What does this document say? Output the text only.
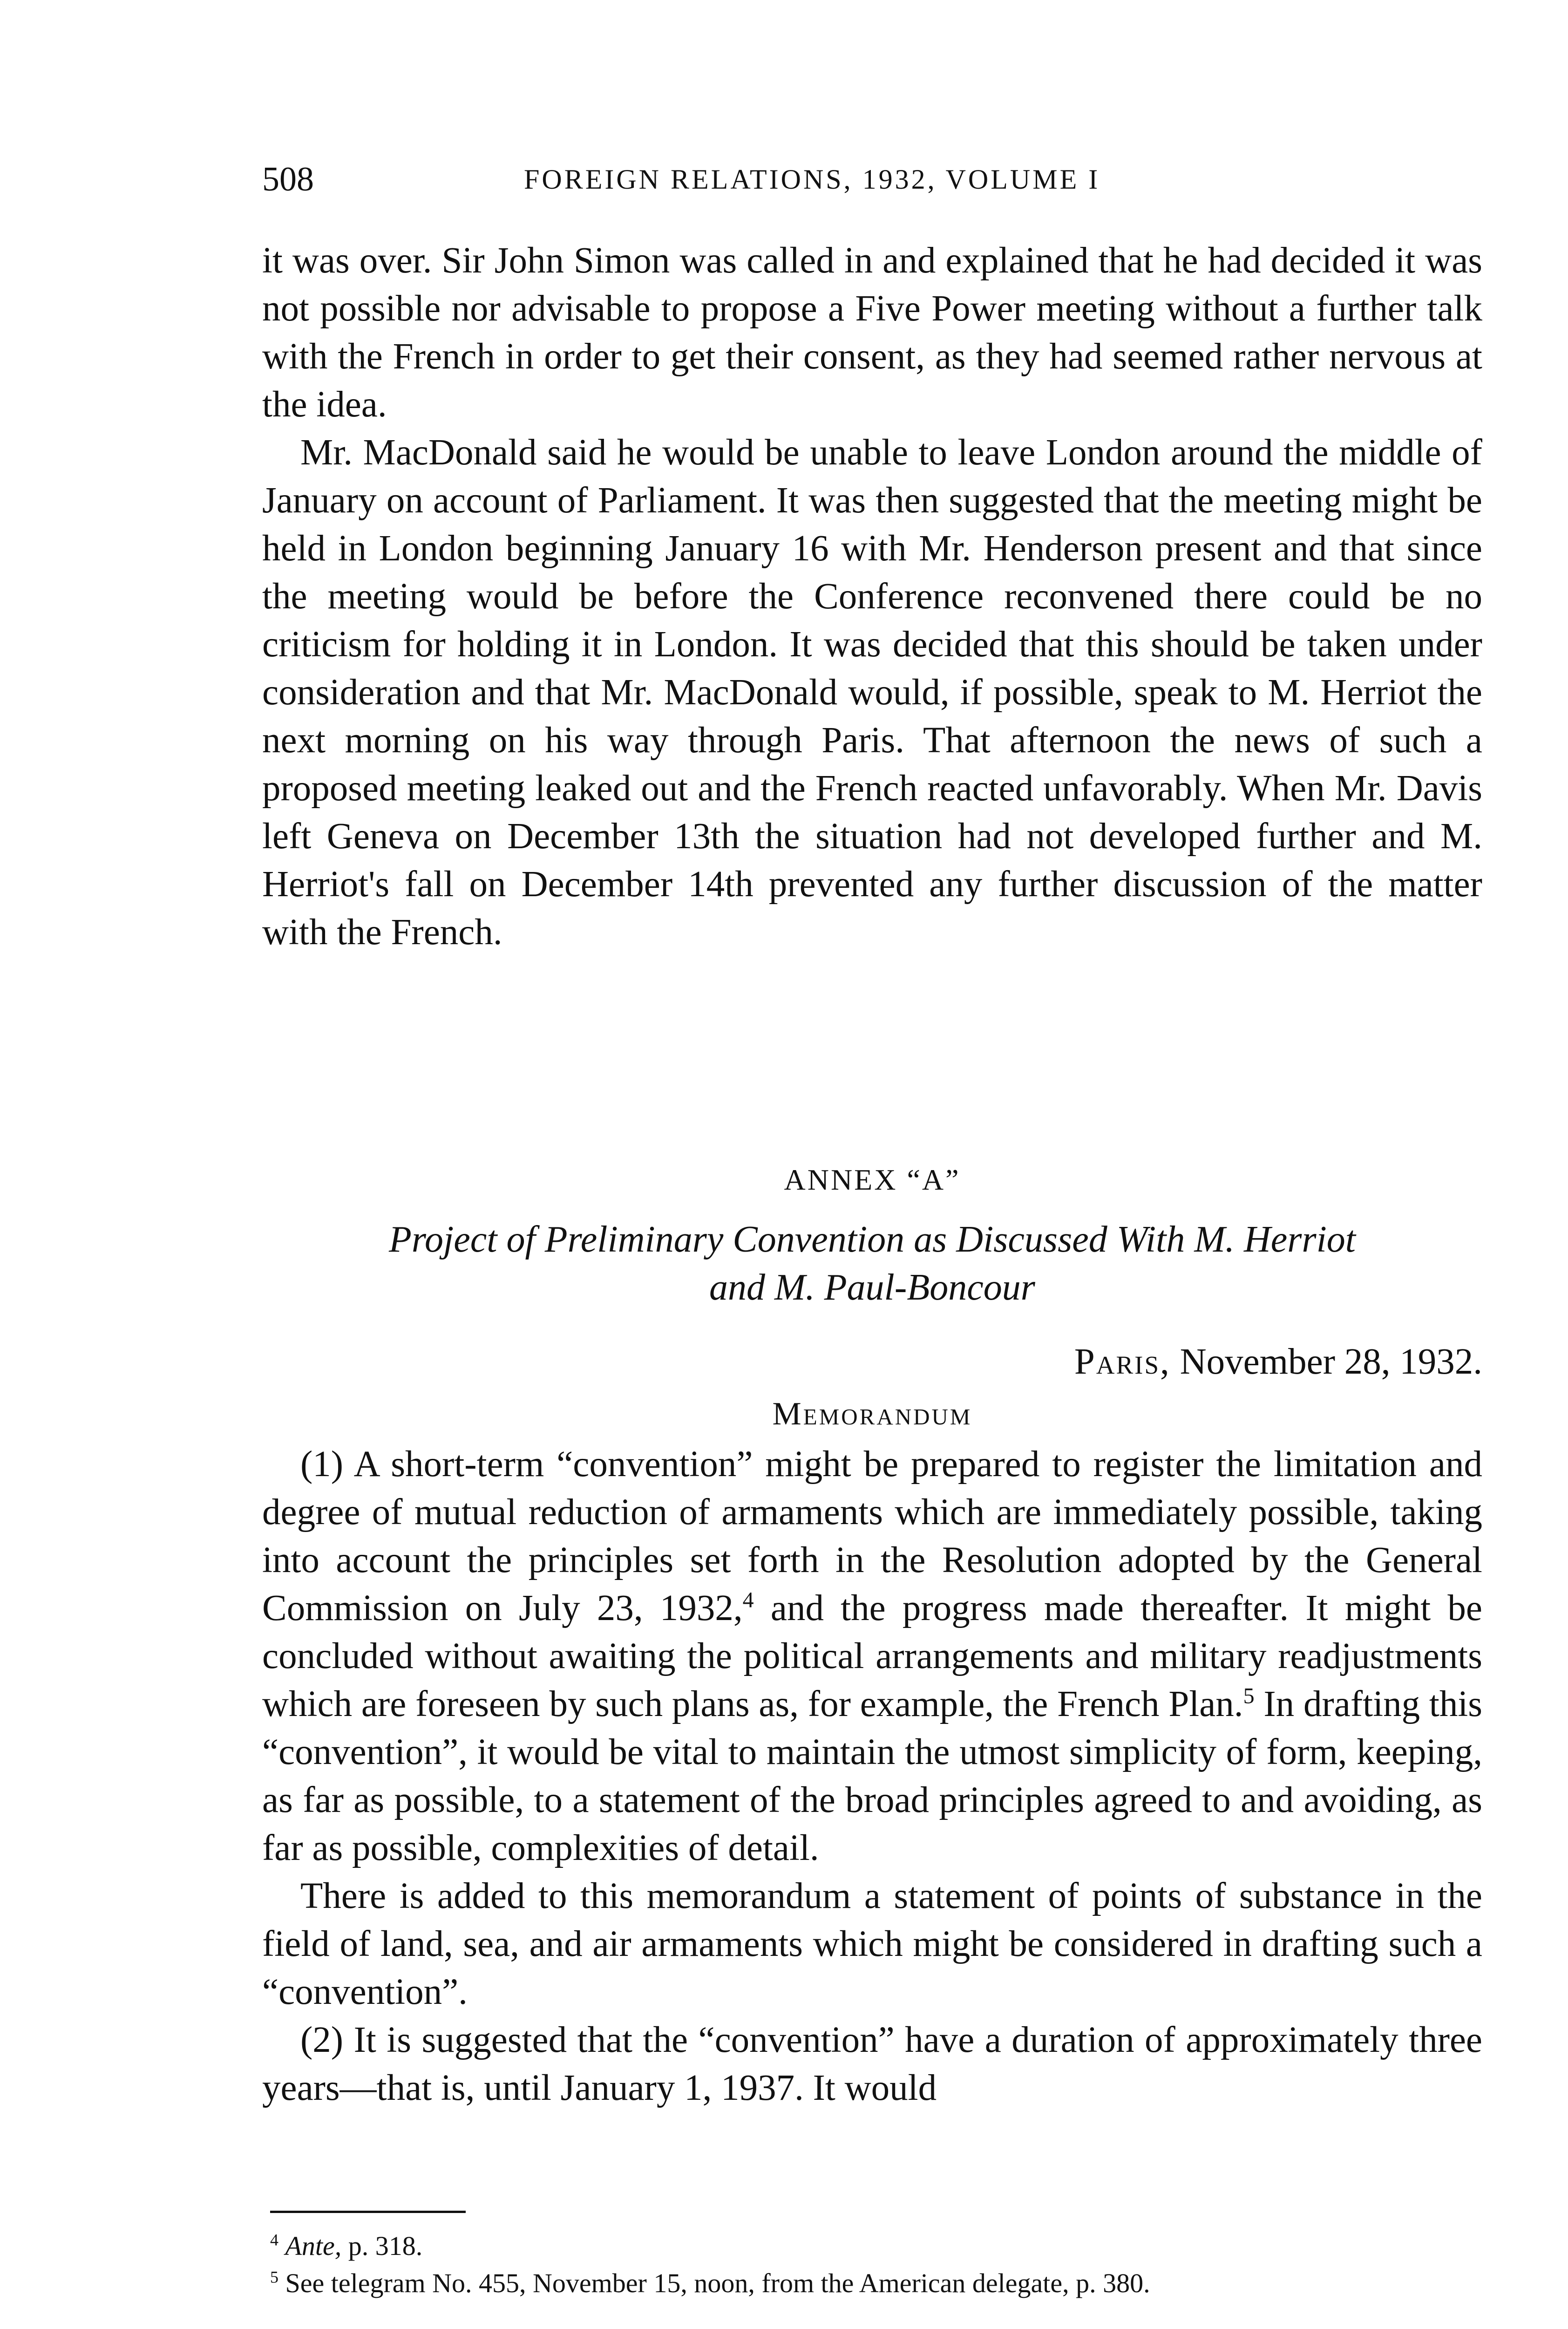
508	FOREIGN RELATIONS, 1932, VOLUME I

it was over. Sir John Simon was called in and explained that he had decided it was not possible nor advisable to propose a Five Power meeting without a further talk with the French in order to get their consent, as they had seemed rather nervous at the idea.

Mr. MacDonald said he would be unable to leave London around the middle of January on account of Parliament. It was then suggested that the meeting might be held in London beginning January 16 with Mr. Henderson present and that since the meeting would be before the Conference reconvened there could be no criticism for holding it in London. It was decided that this should be taken under consideration and that Mr. MacDonald would, if possible, speak to M. Herriot the next morning on his way through Paris. That afternoon the news of such a proposed meeting leaked out and the French reacted unfavorably. When Mr. Davis left Geneva on December 13th the situation had not developed further and M. Herriot's fall on December 14th prevented any further discussion of the matter with the French.

ANNEX “A”
Project of Preliminary Convention as Discussed With M. Herriot
and M. Paul-Boncour
Paris, November 28, 1932.
Memorandum

(1) A short-term “convention” might be prepared to register the limitation and degree of mutual reduction of armaments which are immediately possible, taking into account the principles set forth in the Resolution adopted by the General Commission on July 23, 1932,$^4$ and the progress made thereafter. It might be concluded without awaiting the political arrangements and military readjustments which are foreseen by such plans as, for example, the French Plan.$^5$ In drafting this “convention”, it would be vital to maintain the utmost simplicity of form, keeping, as far as possible, to a statement of the broad principles agreed to and avoiding, as far as possible, complexities of detail.

There is added to this memorandum a statement of points of substance in the field of land, sea, and air armaments which might be considered in drafting such a “convention”.

(2) It is suggested that the “convention” have a duration of approximately three years—that is, until January 1, 1937. It would

$^4$ Ante, p. 318.
$^5$ See telegram No. 455, November 15, noon, from the American delegate, p. 380.
